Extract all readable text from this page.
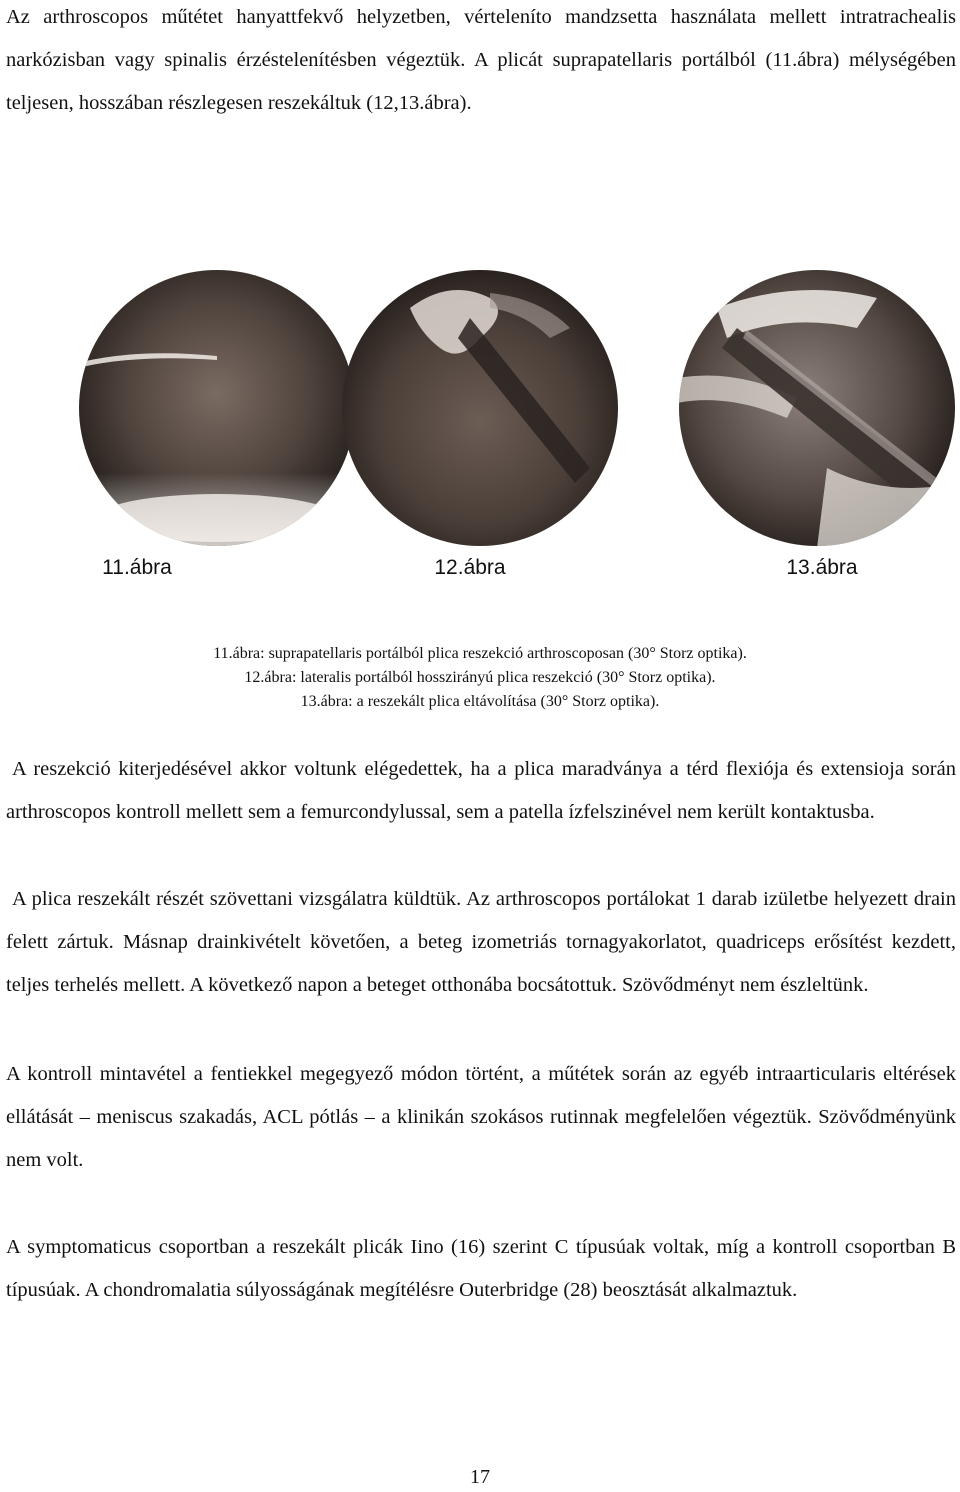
Az arthroscopos műtétet hanyattfekvő helyzetben, vérteleníto mandzsetta használata mellett intratrachealis narkózisban vagy spinalis érzéstelenítésben végeztük. A plicát suprapatellaris portálból (11.ábra) mélységében teljesen, hosszában részlegesen reszekáltuk (12,13.ábra).

11.ábra	12.ábra	13.ábra
11.ábra: suprapatellaris portálból plica reszekció arthroscoposan (30° Storz optika).
12.ábra: lateralis portálból hosszirányú plica reszekció (30° Storz optika).
13.ábra: a reszekált plica eltávolítása (30° Storz optika).

A reszekció kiterjedésével akkor voltunk elégedettek, ha a plica maradványa a térd flexiója és extensioja során arthroscopos kontroll mellett sem a femurcondylussal, sem a patella ízfelszinével nem került kontaktusba.

A plica reszekált részét szövettani vizsgálatra küldtük. Az arthroscopos portálokat 1 darab izületbe helyezett drain felett zártuk. Másnap drainkivételt követően, a beteg izometriás tornagyakorlatot, quadriceps erősítést kezdett, teljes terhelés mellett. A következő napon a beteget otthonába bocsátottuk. Szövődményt nem észleltünk.

A kontroll mintavétel a fentiekkel megegyező módon történt, a műtétek során az egyéb intraarticularis eltérések ellátását – meniscus szakadás, ACL pótlás – a klinikán szokásos rutinnak megfelelően végeztük. Szövődményünk nem volt.

A symptomaticus csoportban a reszekált plicák Iino (16) szerint C típusúak voltak, míg a kontroll csoportban B típusúak. A chondromalatia súlyosságának megítélésre Outerbridge (28) beosztását alkalmaztuk.

17
